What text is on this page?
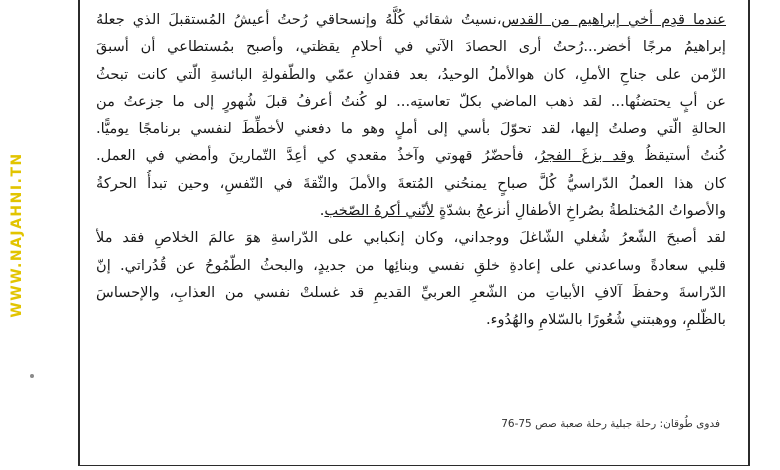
WWW.NAJAHNI.TN
عندما قدِم أخي إبراهيم من القدس،نسيتُ شقائي كُلَّهُ وإنسحاقي رُحتُ أعيشُ المُستقبلَ الذي جعلهُ
إبراهيمُ مرجًا أخضر...رُحتُ أرى الحصادَ الآتي في أحلامِ يقظتي، وأصبح بمُستطاعي أن أسبقَ
الزّمن على جناحِ الأملِ، كان هوالأملُ الوحيدُ، بعد فقدانِ عمّي والطّفولةِ البائسةِ الّتي كانت تبحثُ
عن أبٍ يحتضنُها... لقد ذهب الماضي بكلّ تعاستِه... لو كُنتُ أعرفُ قبلَ شُهورٍ إلى ما جزعتُ من
الحالةِ الّتي وصلتُ إليها، لقد تحوّلَ بأسي إلى أملٍ وهو ما دفعني لأخطِّطَ لنفسي برنامجًا يوميًّا.
كُنتُ أستيقظُ وقد بزغَ الفجرُ، فأحضّرُ قهوتي وآخذُ مقعدي كي أعِدَّ التّمارينَ وأمضي في العمل.
كان هذا العملُ الدّراسيُّ كُلَّ صباحٍ يمنحُني المُتعةَ والأملَ والثّقةَ في النّفسِ، وحين تبدأُ الحركةُ
والأصواتُ المُختلطةُ بصُراخِ الأطفالِ أنزعجُ بشدّةٍ لأنّني أكرهُ الصّخب.
لقد أصبحَ الشّعرُ شُغلي الشّاغلَ ووجداني، وكان إنكبابي على الدّراسةِ هوَ عالمَ الخلاصِ فقد ملأ
قلبي سعادةً وساعدني على إعادةِ خلقِ نفسي وبنائِها من جديدٍ، والبحثُ الطّمُوحُ عن قُدُراتي. إنّ
الدّراسةَ وحفظَ آلافِ الأبياتِ من الشّعرِ العربيِّ القديمِ قد غسلتْ نفسي من العذابِ، والإحساسَ
بالظّلمِ، ووهبتني شُعُورًا بالسّلامِ والهُدُوء.
فدوى طُوقان: رحلة جبلية رحلة صعبة صص 75-76
